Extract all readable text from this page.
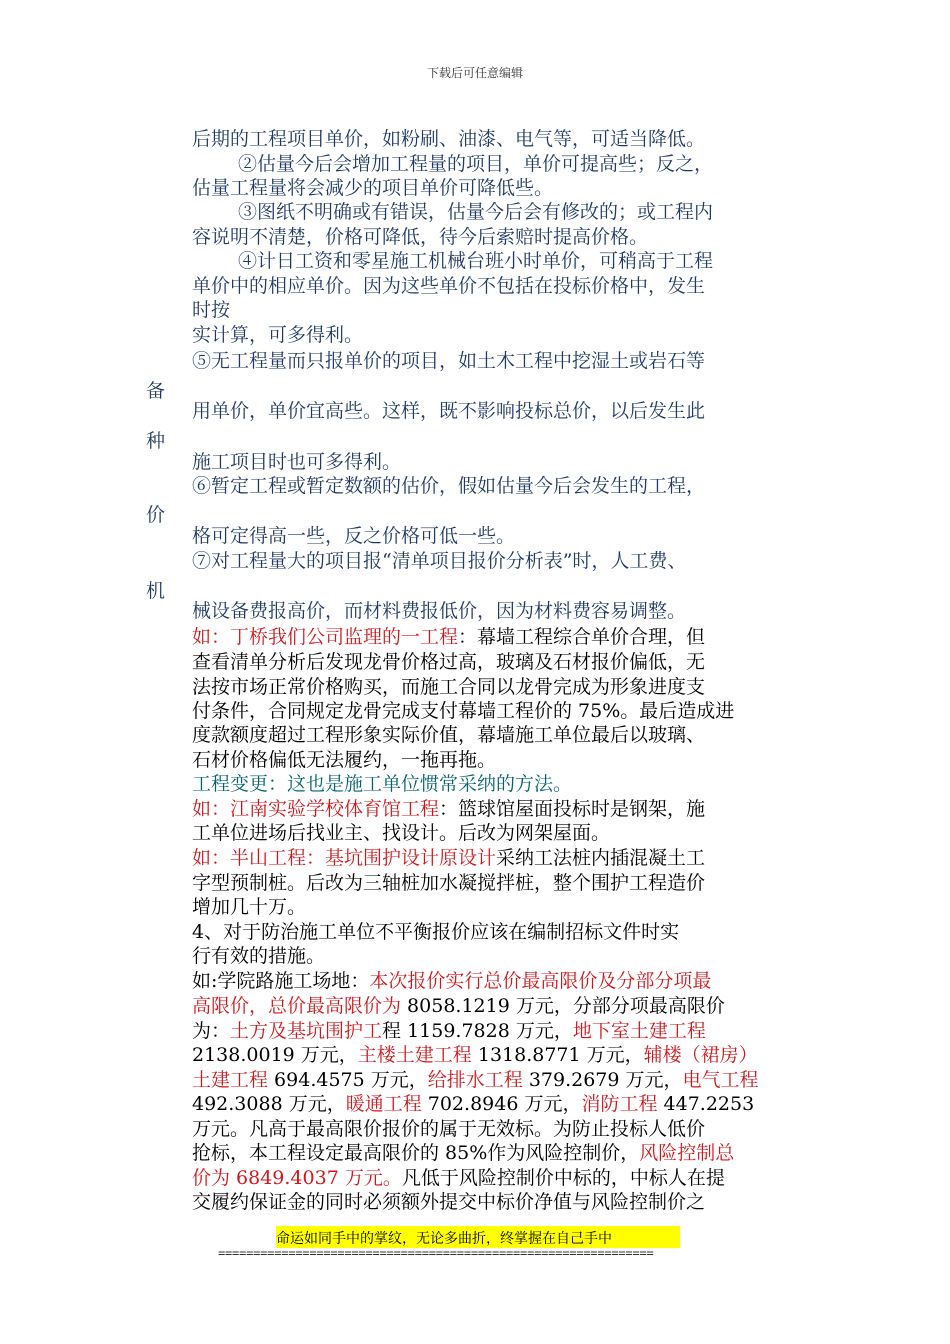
下载后可任意编辑
后期的工程项目单价，如粉刷、油漆、电气等，可适当降低。
②估量今后会增加工程量的项目，单价可提高些；反之，
估量工程量将会减少的项目单价可降低些。
③图纸不明确或有错误，估量今后会有修改的；或工程内
容说明不清楚，价格可降低，待今后索赔时提高价格。
④计日工资和零星施工机械台班小时单价，可稍高于工程
单价中的相应单价。因为这些单价不包括在投标价格中，发生
时按
实计算，可多得利。
⑤无工程量而只报单价的项目，如土木工程中挖湿土或岩石等
用单价，单价宜高些。这样，既不影响投标总价，以后发生此
施工项目时也可多得利。
⑥暂定工程或暂定数额的估价，假如估量今后会发生的工程，
格可定得高一些，反之价格可低一些。
⑦对工程量大的项目报“清单项目报价分析表”时，人工费、
械设备费报高价，而材料费报低价，因为材料费容易调整。
备
种
价
机
如：丁桥我们公司监理的一工程：幕墙工程综合单价合理，但
查看清单分析后发现龙骨价格过高，玻璃及石材报价偏低，无
法按市场正常价格购买，而施工合同以龙骨完成为形象进度支
付条件，合同规定龙骨完成支付幕墙工程价的 75%。最后造成进
度款额度超过工程形象实际价值，幕墙施工单位最后以玻璃、
石材价格偏低无法履约，一拖再拖。
工程变更：这也是施工单位惯常采纳的方法。
如：江南实验学校体育馆工程：篮球馆屋面投标时是钢架，施
工单位进场后找业主、找设计。后改为网架屋面。
如：半山工程：基坑围护设计原设计采纳工法桩内插混凝土工
字型预制桩。后改为三轴桩加水凝搅拌桩，整个围护工程造价
增加几十万。
4、对于防治施工单位不平衡报价应该在编制招标文件时实
行有效的措施。
如:学院路施工场地：本次报价实行总价最高限价及分部分项最
高限价，总价最高限价为 8058.1219 万元，分部分项最高限价
为：土方及基坑围护工程 1159.7828 万元，地下室土建工程
2138.0019 万元，主楼土建工程 1318.8771 万元，辅楼（裙房）
土建工程 694.4575 万元，给排水工程 379.2679 万元，电气工程
492.3088 万元，暖通工程 702.8946 万元，消防工程 447.2253
万元。凡高于最高限价报价的属于无效标。为防止投标人低价
抢标，本工程设定最高限价的 85%作为风险控制价，风险控制总
价为 6849.4037 万元。凡低于风险控制价中标的，中标人在提
交履约保证金的同时必须额外提交中标价净值与风险控制价之
命运如同手中的掌纹，无论多曲折，终掌握在自己手中
==============================================================
